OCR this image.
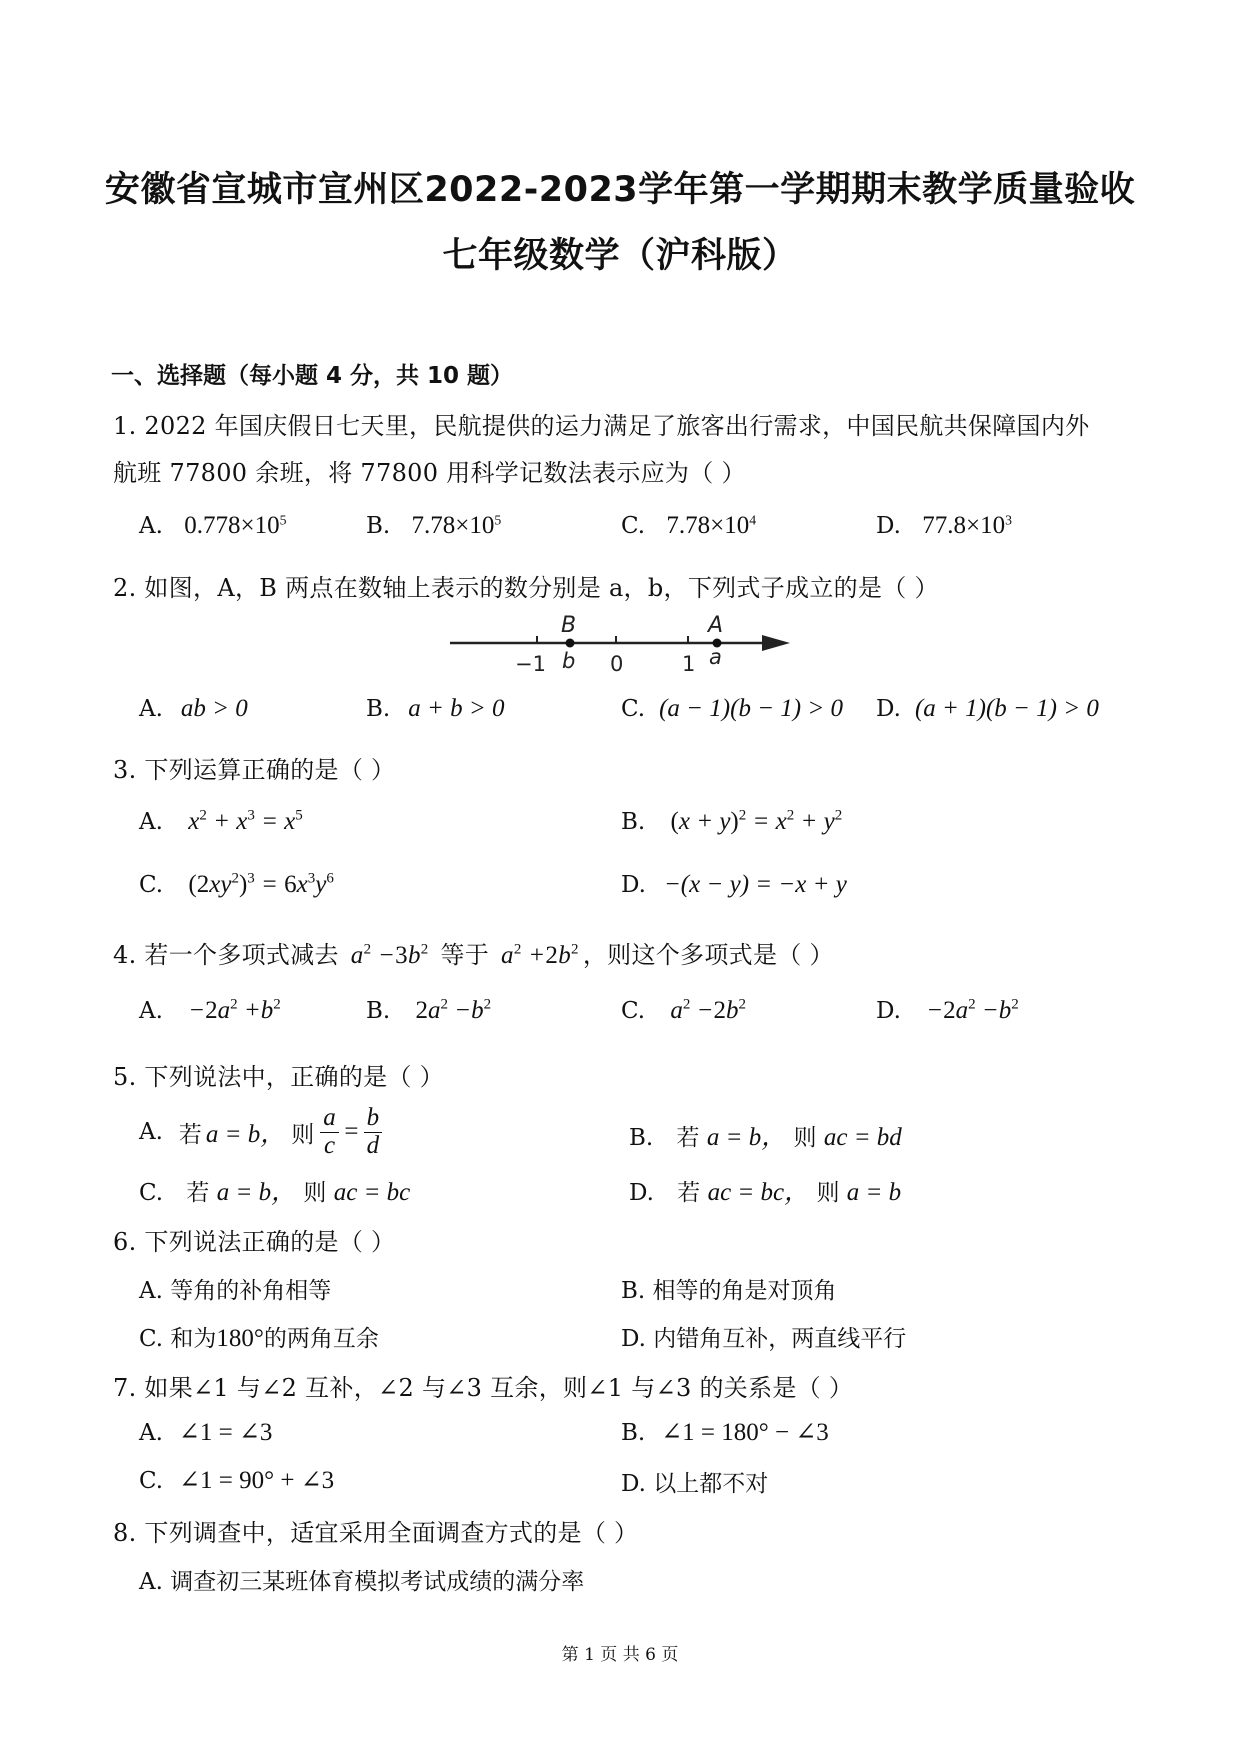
安徽省宣城市宣州区2022-2023学年第一学期期末教学质量验收
七年级数学（沪科版）
一、选择题（每小题 4 分，共 10 题）
1. 2022 年国庆假日七天里，民航提供的运力满足了旅客出行需求，中国民航共保障国内外
航班 77800 余班，将 77800 用科学记数法表示应为（ ）
A. $0.778\times 10^5$	B. $7.78\times 10^5$	C. $7.78\times 10^4$	D. $77.8\times 10^3$
2. 如图，A，B 两点在数轴上表示的数分别是 a，b，下列式子成立的是（ ）
B	A
−1 b 0	1 a
A. ab > 0	B. a + b > 0	C. (a − 1)(b − 1) > 0 D. (a + 1)(b − 1) > 0
3. 下列运算正确的是（ ）
A. $x^2 + x^3 = x^5$	B. $(x + y)^2 = x^2 + y^2$
C. $(2xy^2)^3 = 6x^3y^6$	D. −(x − y) = −x + y
4. 若一个多项式减去 $a^2 -3b^2$ 等于 $a^2 +2b^2$ ，则这个多项式是（ ）
A. $-2a^2 +b^2$	B. $2a^2 -b^2$	C. $a^2 -2b^2$	D. $-2a^2 -b^2$
5. 下列说法中，正确的是（ ）
A. 若 a = b， 则 $\frac{a}{c} = \frac{b}{d}$	B. 若 a = b， 则 ac = bd
C. 若 a = b， 则 ac = bc	D. 若 ac = bc， 则 a = b
6. 下列说法正确的是（ ）
A. 等角的补角相等	B. 相等的角是对顶角
C. 和为180°的两角互余	D. 内错角互补，两直线平行
7. 如果∠1 与∠2 互补，∠2 与∠3 互余，则∠1 与∠3 的关系是（ ）
A. ∠1 = ∠3	B. ∠1 = 180° − ∠3
C. ∠1 = 90° + ∠3	D. 以上都不对
8. 下列调查中，适宜采用全面调查方式的是（ ）
A. 调查初三某班体育模拟考试成绩的满分率
第 1 页 共 6 页
